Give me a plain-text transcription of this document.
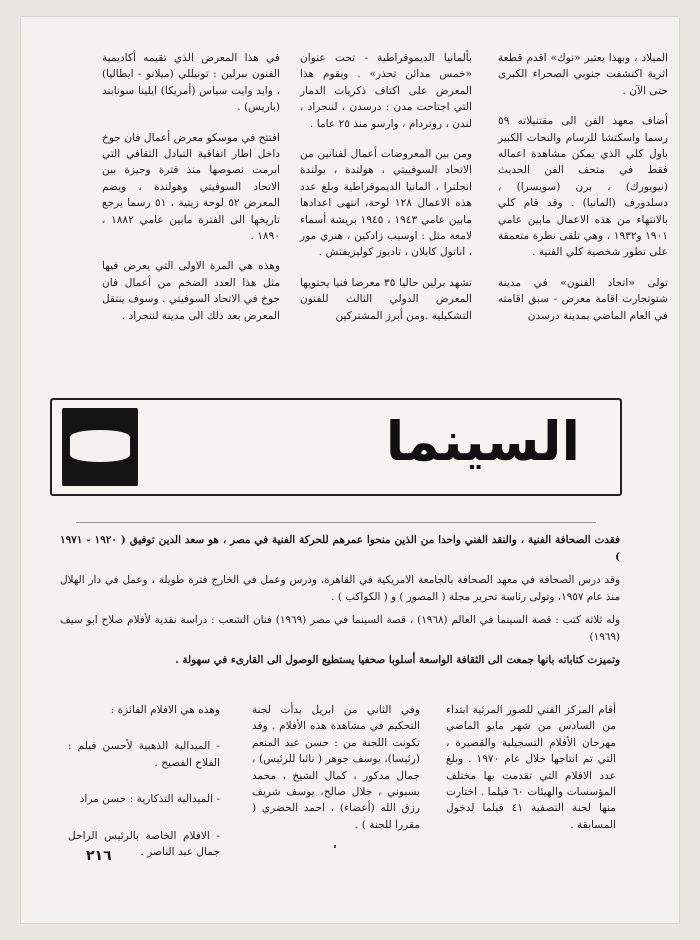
الميلاد ، وبهذا يعتبر «نوك» اقدم قطعة اثرية اكتشفت جنوبي الصحراء الكبرى حتى الآن .

أضاف معهد الفن الى مقتنيلاته ٥٩ رسما واسكتشا للرسام والنحات الكبير باول كلي الذي يمكن مشاهدة اعماله فقط في متحف الفن الحديث (نيويورك) ، برن (سويسرا) ، دسلدورف (المانيا) . وقد قام كلي بالانتهاء من هذه الاعمال مابين عامي ١٩٠١ و١٩٣٢ ، وهي تلقى نظرة متعمقة على تطور شخصية كلي الفنية .

تولى «اتحاد الفنون» في مدينة شتوتجارت اقامة معرض - سبق اقامته في العام الماضي بمدينة درسدن

بألمانيا الديموقراطية - تحت عنوان «خمس مدائن تحذر» . ويقوم هذا المعرض على اكتاف ذكريات الدمار التي اجتاحت مدن : درسدن ، لننجراد ، لندن ، روتردام ، وارسو منذ ٢٥ عاما .

ومن بين المعروضات أعمال لفنانين من الاتحاد السوفييتي ، هولندة ، بولندة انجلترا ، المانيا الديموقراطية وبلغ عدد هذه الاعمال ١٢٨ لوحة، انتهى اعدادها مابين عامي ١٩٤٣ ، ١٩٤٥ بريشة أسماء لامعة مثل : اوسيب زادكين ، هنري مور ، اناتول كابلان ، تاديوز كوليزيفتش .

تشهد برلين حاليا ٣٥ معرضا فنيا يحتويها المعرض الدولي الثالث للفنون التشكيلية .ومن أبرز المشتركين

في هذا المعرض الذي تقيمه أكاديمية الفنون ببرلين : تونيللي (ميلانو - ايطاليا) ، وايد وايت سياس (أمريكا) ايلينا سونابند (باريس) .

افتتح في موسكو معرض أعمال فان جوخ داخل اطار اتفاقية التبادل الثقافي التي ابرمت نصوصها منذ فترة وجيزة بين الاتحاد السوفيتي وهولندة ، ويضم المعرض ٥٢ لوحة زيتية ، ٥١ رسما يرجع تاريخها الى الفترة مابين عامي ١٨٨٢ ، ١٨٩٠ .

وهذه هي المرة الاولى التي يعرض فيها مثل هذا العدد الضخم من أعمال فان جوخ في الاتحاد السوفيتي . وسوف ينتقل المعرض بعد ذلك الى مدينة لننجراد .

السينما

فقدت الصحافة الفنية ، والنقد الفني واحدا من الذين منحوا عمرهم للحركة الفنية في مصر ، هو سعد الدين توفيق ( ١٩٢٠ - ١٩٧١ )

وقد درس الصحافة في معهد الصحافة بالجامعة الامريكية في القاهرة، ودرس وعمل في الخارج فترة طويلة ، وعمل في دار الهلال منذ عام ١٩٥٧، وتولى رئاسة تحرير مجلة ( المصور ) و ( الكواكب ) .

وله ثلاثة كتب : قصة السينما في العالم (١٩٦٨) ، قصة السينما في مصر (١٩٦٩) فنان الشعب : دراسة نقدية لأفلام صلاح ابو سيف (١٩٦٩)

وتميزت كتاباته بانها جمعت الى الثقافة الواسعة أسلوبا صحفيا يستطيع الوصول الى القارىء في سهولة .

أقام المركز الفني للصور المرئية ابتداء من السادس من شهر مايو الماضي مهرجان الأفلام التسجيلية والقصيرة ، التي تم انتاجها خلال عام ١٩٧٠ . وبلغ عدد الافلام التي تقدمت بها مختلف المؤسسات والهيئات ٦٠ فيلما . اختارت منها لجنة التصفية ٤١ فيلما لدخول المسابقة .

وفي الثاني من ابريل بدأت لجنة التحكيم في مشاهدة هذه الأفلام . وقد تكونت اللجنة من : حسن عبد المنعم (رئيسا)، يوسف جوهر ( نائبا للرئيس) ، جمال مدكور ، كمال الشيخ ، محمد بسيوني ، جلال صالح، يوسف شريف رزق الله (أعضاء) ، احمد الحضري ( مقررا للجنة ) .

وهذه هي الافلام الفائزة :

- الميدالية الذهبية لأحسن فيلم : الفلاح الفصيح .

- الميدالية التذكارية : حسن مراد

- الافلام الخاصة بالرئيس الراحل جمال عبد الناصر .

٢١٦
